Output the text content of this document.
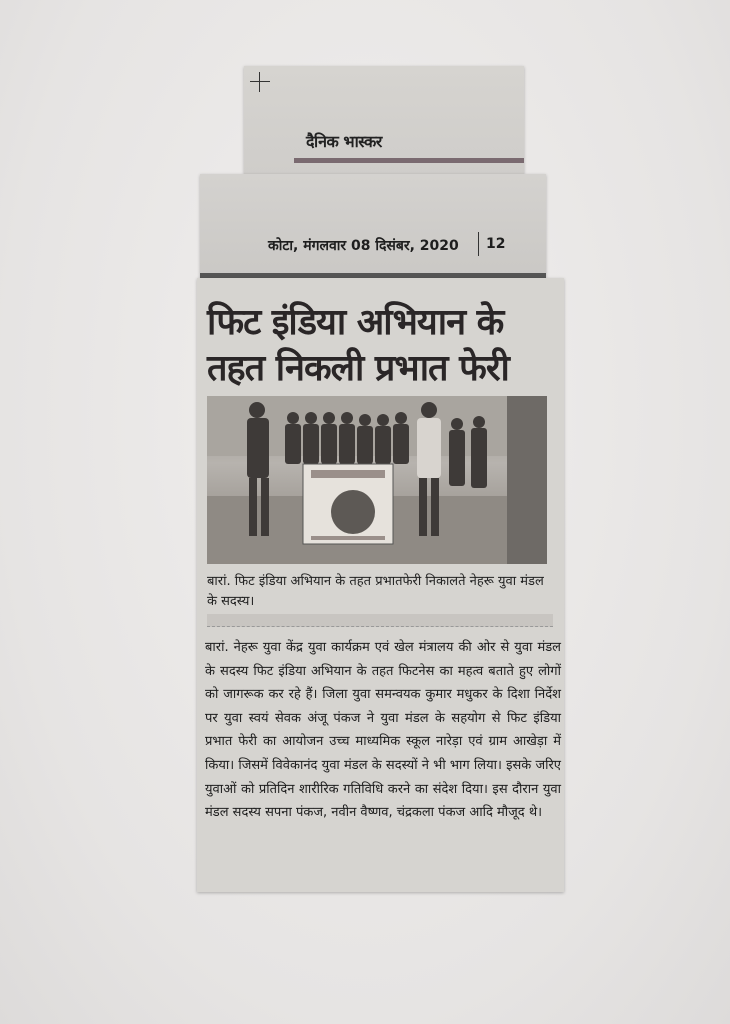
दैनिक भास्कर
कोटा, मंगलवार 08 दिसंबर, 2020 12
फिट इंडिया अभियान के
तहत निकली प्रभात फेरी
बारां. फिट इंडिया अभियान के तहत प्रभातफेरी निकालते नेहरू युवा मंडल के सदस्य।

बारां. नेहरू युवा केंद्र युवा कार्यक्रम एवं खेल मंत्रालय की ओर से युवा मंडल के सदस्य फिट इंडिया अभियान के तहत फिटनेस का महत्व बताते हुए लोगों को जागरूक कर रहे हैं। जिला युवा समन्वयक कुमार मधुकर के दिशा निर्देश पर युवा स्वयं सेवक अंजू पंकज ने युवा मंडल के सहयोग से फिट इंडिया प्रभात फेरी का आयोजन उच्च माध्यमिक स्कूल नारेड़ा एवं ग्राम आखेड़ा में किया। जिसमें विवेकानंद युवा मंडल के सदस्यों ने भी भाग लिया। इसके जरिए युवाओं को प्रतिदिन शारीरिक गतिविधि करने का संदेश दिया। इस दौरान युवा मंडल सदस्य सपना पंकज, नवीन वैष्णव, चंद्रकला पंकज आदि मौजूद थे।
